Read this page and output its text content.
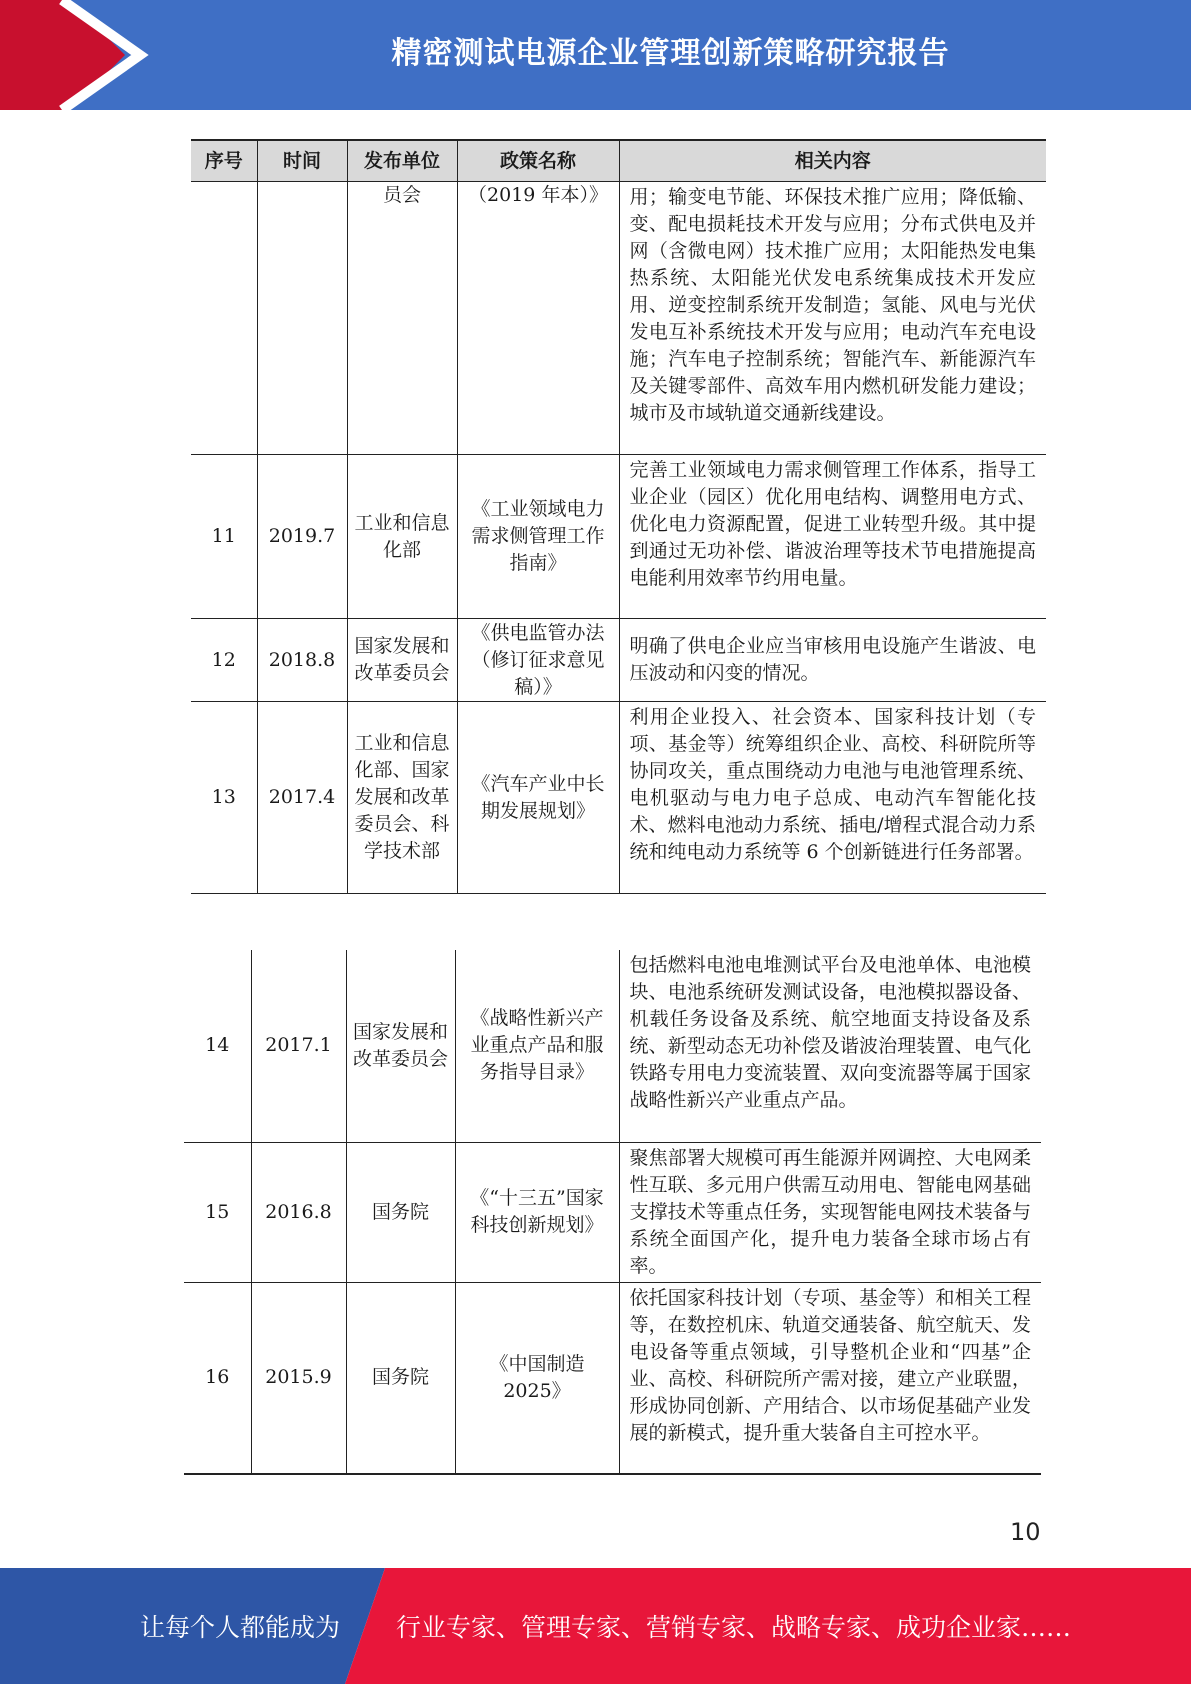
精密测试电源企业管理创新策略研究报告
序号	时间	发布单位	政策名称	相关内容
		员会	（2019 年本）》	用；输变电节能、环保技术推广应用；降低输、变、配电损耗技术开发与应用；分布式供电及并网（含微电网）技术推广应用；太阳能热发电集热系统、太阳能光伏发电系统集成技术开发应用、逆变控制系统开发制造；氢能、风电与光伏发电互补系统技术开发与应用；电动汽车充电设施；汽车电子控制系统；智能汽车、新能源汽车及关键零部件、高效车用内燃机研发能力建设；城市及市域轨道交通新线建设。
11	2019.7	工业和信息化部	《工业领域电力需求侧管理工作指南》	完善工业领域电力需求侧管理工作体系，指导工业企业（园区）优化用电结构、调整用电方式、优化电力资源配置，促进工业转型升级。其中提到通过无功补偿、谐波治理等技术节电措施提高电能利用效率节约用电量。
12	2018.8	国家发展和改革委员会	《供电监管办法（修订征求意见稿）》	明确了供电企业应当审核用电设施产生谐波、电压波动和闪变的情况。
13	2017.4	工业和信息化部、国家发展和改革委员会、科学技术部	《汽车产业中长期发展规划》	利用企业投入、社会资本、国家科技计划（专项、基金等）统筹组织企业、高校、科研院所等协同攻关，重点围绕动力电池与电池管理系统、电机驱动与电力电子总成、电动汽车智能化技术、燃料电池动力系统、插电/增程式混合动力系统和纯电动力系统等 6 个创新链进行任务部署。
14	2017.1	国家发展和改革委员会	《战略性新兴产业重点产品和服务指导目录》	包括燃料电池电堆测试平台及电池单体、电池模块、电池系统研发测试设备，电池模拟器设备、机载任务设备及系统、航空地面支持设备及系统、新型动态无功补偿及谐波治理装置、电气化铁路专用电力变流装置、双向变流器等属于国家战略性新兴产业重点产品。
15	2016.8	国务院	《“十三五”国家科技创新规划》	聚焦部署大规模可再生能源并网调控、大电网柔性互联、多元用户供需互动用电、智能电网基础支撑技术等重点任务，实现智能电网技术装备与系统全面国产化，提升电力装备全球市场占有率。
16	2015.9	国务院	《中国制造2025》	依托国家科技计划（专项、基金等）和相关工程等，在数控机床、轨道交通装备、航空航天、发电设备等重点领域，引导整机企业和“四基”企业、高校、科研院所产需对接，建立产业联盟，形成协同创新、产用结合、以市场促基础产业发展的新模式，提升重大装备自主可控水平。
10
让每个人都能成为 行业专家、管理专家、营销专家、战略专家、成功企业家……
